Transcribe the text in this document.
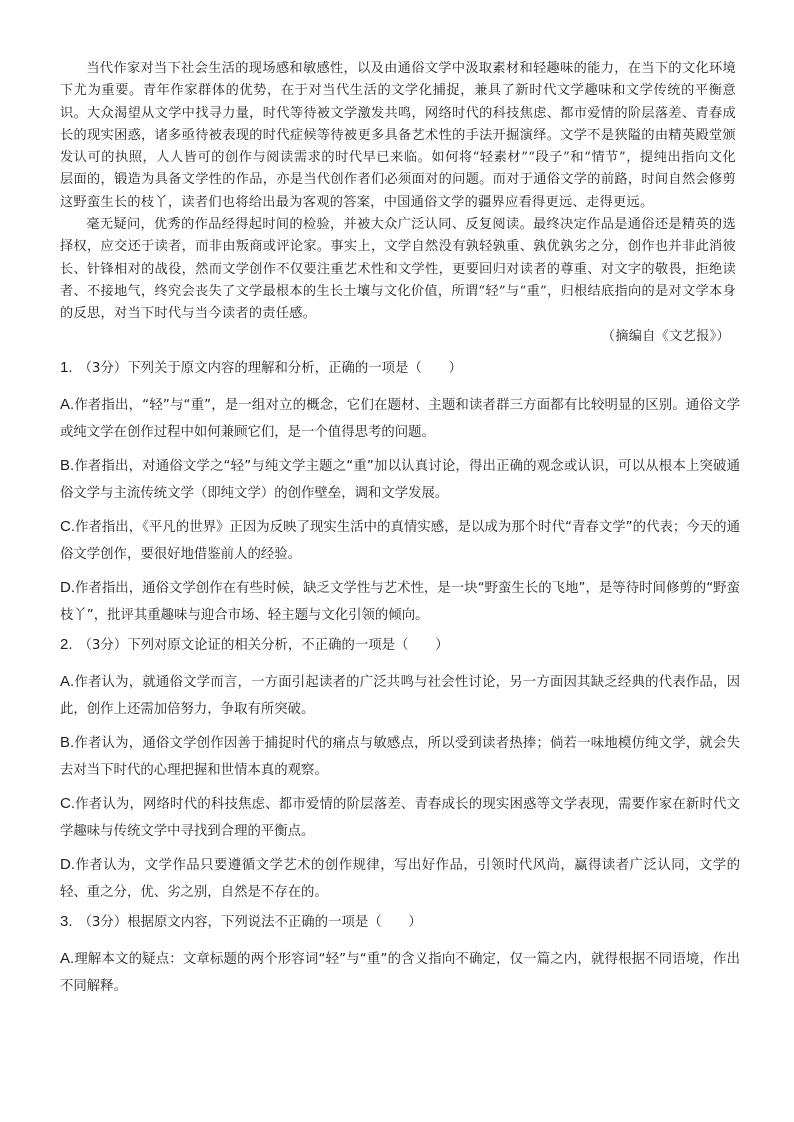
当代作家对当下社会生活的现场感和敏感性，以及由通俗文学中汲取素材和轻趣味的能力，在当下的文化环境下尤为重要。青年作家群体的优势，在于对当代生活的文学化捕捉，兼具了新时代文学趣味和文学传统的平衡意识。大众渴望从文学中找寻力量，时代等待被文学激发共鸣，网络时代的科技焦虑、都市爱情的阶层落差、青春成长的现实困惑，诸多亟待被表现的时代症候等待被更多具备艺术性的手法开掘演绎。文学不是狭隘的由精英殿堂颁发认可的执照，人人皆可的创作与阅读需求的时代早已来临。如何将“轻素材”“段子”和“情节”，提纯出指向文化层面的，锻造为具备文学性的作品，亦是当代创作者们必须面对的问题。而对于通俗文学的前路，时间自然会修剪这野蛮生长的枝丫，读者们也将给出最为客观的答案，中国通俗文学的疆界应看得更远、走得更远。

毫无疑问，优秀的作品经得起时间的检验，并被大众广泛认同、反复阅读。最终决定作品是通俗还是精英的选择权，应交还于读者，而非由叛商或评论家。事实上，文学自然没有孰轻孰重、孰优孰劣之分，创作也并非此消彼长、针锋相对的战役，然而文学创作不仅要注重艺术性和文学性，更要回归对读者的尊重、对文字的敬畏，拒绝读者、不接地气，终究会丧失了文学最根本的生长土壤与文化价值，所谓“轻”与“重”，归根结底指向的是对文学本身的反思，对当下时代与当今读者的责任感。

（摘编自《文艺报》）

1. （3分）下列关于原文内容的理解和分析，正确的一项是（　　）

A.作者指出，“轻”与“重”，是一组对立的概念，它们在题材、主题和读者群三方面都有比较明显的区别。通俗文学或纯文学在创作过程中如何兼顾它们，是一个值得思考的问题。

B.作者指出，对通俗文学之“轻”与纯文学主题之“重”加以认真讨论，得出正确的观念或认识，可以从根本上突破通俗文学与主流传统文学（即纯文学）的创作壁垒，调和文学发展。

C.作者指出，《平凡的世界》正因为反映了现实生活中的真情实感，是以成为那个时代“青春文学”的代表；今天的通俗文学创作，要很好地借鉴前人的经验。

D.作者指出，通俗文学创作在有些时候，缺乏文学性与艺术性，是一块“野蛮生长的飞地”，是等待时间修剪的“野蛮枝丫”，批评其重趣味与迎合市场、轻主题与文化引领的倾向。

2. （3分）下列对原文论证的相关分析，不正确的一项是（　　）

A.作者认为，就通俗文学而言，一方面引起读者的广泛共鸣与社会性讨论，另一方面因其缺乏经典的代表作品，因此，创作上还需加倍努力，争取有所突破。

B.作者认为，通俗文学创作因善于捕捉时代的痛点与敏感点，所以受到读者热捧；倘若一味地模仿纯文学，就会失去对当下时代的心理把握和世情本真的观察。

C.作者认为，网络时代的科技焦虑、都市爱情的阶层落差、青春成长的现实困惑等文学表现，需要作家在新时代文学趣味与传统文学中寻找到合理的平衡点。

D.作者认为，文学作品只要遵循文学艺术的创作规律，写出好作品，引领时代风尚，赢得读者广泛认同，文学的轻、重之分，优、劣之别，自然是不存在的。

3. （3分）根据原文内容，下列说法不正确的一项是（　　）

A.理解本文的疑点：文章标题的两个形容词“轻”与“重”的含义指向不确定，仅一篇之内，就得根据不同语境，作出不同解释。
